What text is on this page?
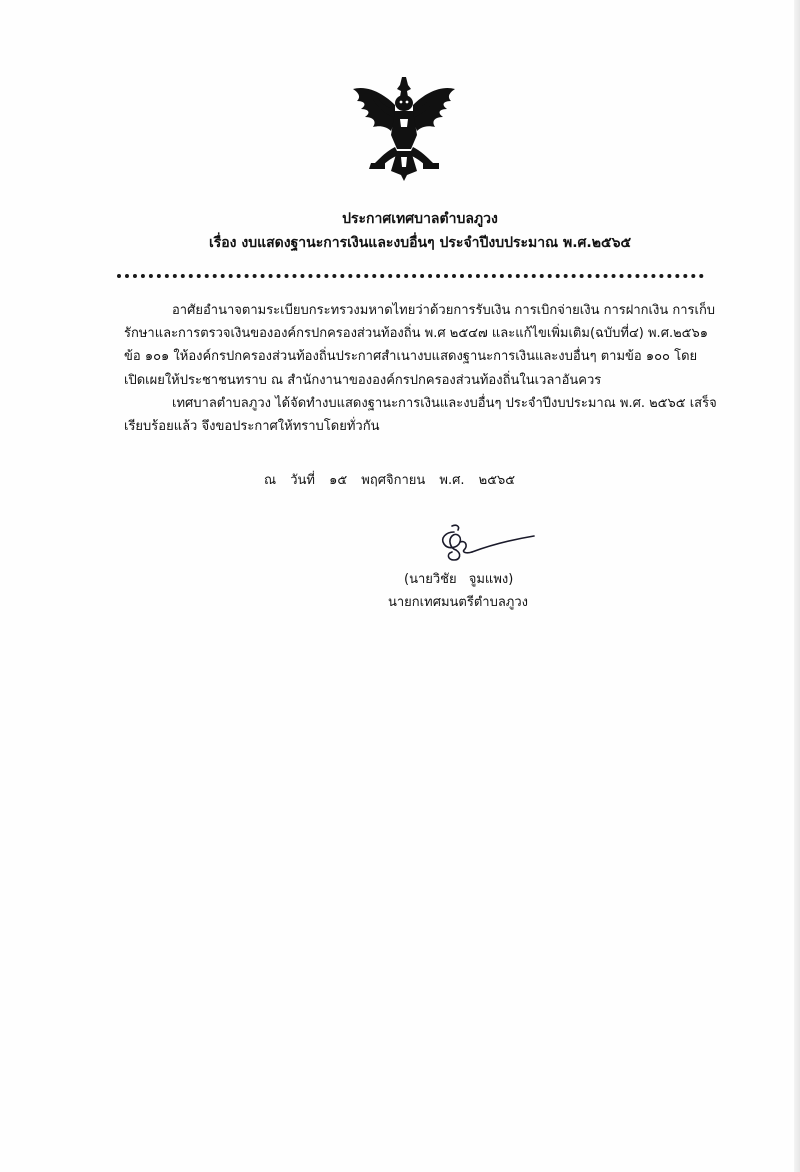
ประกาศเทศบาลตำบลภูวง
เรื่อง งบแสดงฐานะการเงินและงบอื่นๆ ประจำปีงบประมาณ พ.ศ.๒๕๖๕
อาศัยอำนาจตามระเบียบกระทรวงมหาดไทยว่าด้วยการรับเงิน การเบิกจ่ายเงิน การฝากเงิน การเก็บ
รักษาและการตรวจเงินขององค์กรปกครองส่วนท้องถิ่น พ.ศ ๒๕๔๗ และแก้ไขเพิ่มเติม(ฉบับที่๔) พ.ศ.๒๕๖๑
ข้อ ๑๐๑ ให้องค์กรปกครองส่วนท้องถิ่นประกาศสำเนางบแสดงฐานะการเงินและงบอื่นๆ ตามข้อ ๑๐๐ โดย
เปิดเผยให้ประชาชนทราบ ณ สำนักงานาขององค์กรปกครองส่วนท้องถิ่นในเวลาอันควร
เทศบาลตำบลภูวง ได้จัดทำงบแสดงฐานะการเงินและงบอื่นๆ ประจำปีงบประมาณ พ.ศ. ๒๕๖๕ เสร็จ
เรียบร้อยแล้ว จึงขอประกาศให้ทราบโดยทั่วกัน
ณ วันที่ ๑๕ พฤศจิกายน พ.ศ. ๒๕๖๕
(นายวิชัย จูมแพง)
นายกเทศมนตรีตำบลภูวง
